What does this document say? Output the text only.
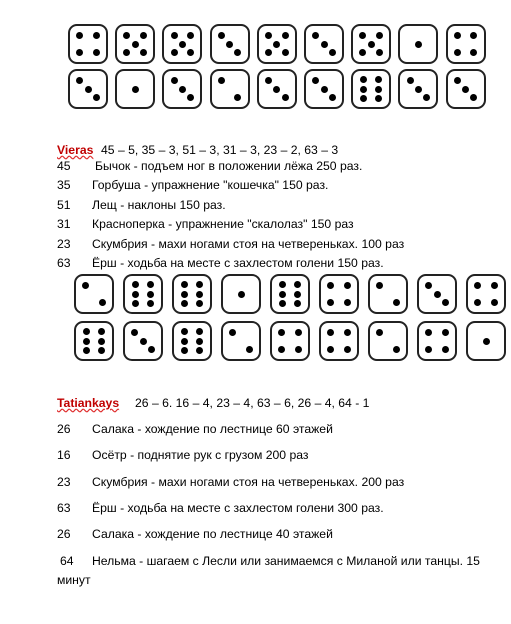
Vieras 45 – 5, 35 – 3, 51 – 3, 31 – 3, 23 – 2, 63 – 3
45	Бычок - подъем ног в положении лёжа 250 раз.
35	Горбуша - упражнение "кошечка" 150 раз.
51	Лещ - наклоны 150 раз.
31	Красноперка - упражнение "скалолаз" 150 раз
23	Скумбрия - махи ногами стоя на четвереньках. 100 раз
63	Ёрш - ходьба на месте с захлестом голени 150 раз.
Tatiankays 26 – 6. 16 – 4, 23 – 4, 63 – 6, 26 – 4, 64 - 1
26	Салака - хождение по лестнице 60 этажей
16	Осётр - поднятие рук с грузом 200 раз
23	Скумбрия - махи ногами стоя на четвереньках. 200 раз
63	Ёрш - ходьба на месте с захлестом голени 300 раз.
26	Салака - хождение по лестнице 40 этажей
64	Нельма - шагаем с Лесли или занимаемся с Миланой или танцы. 15
минут
